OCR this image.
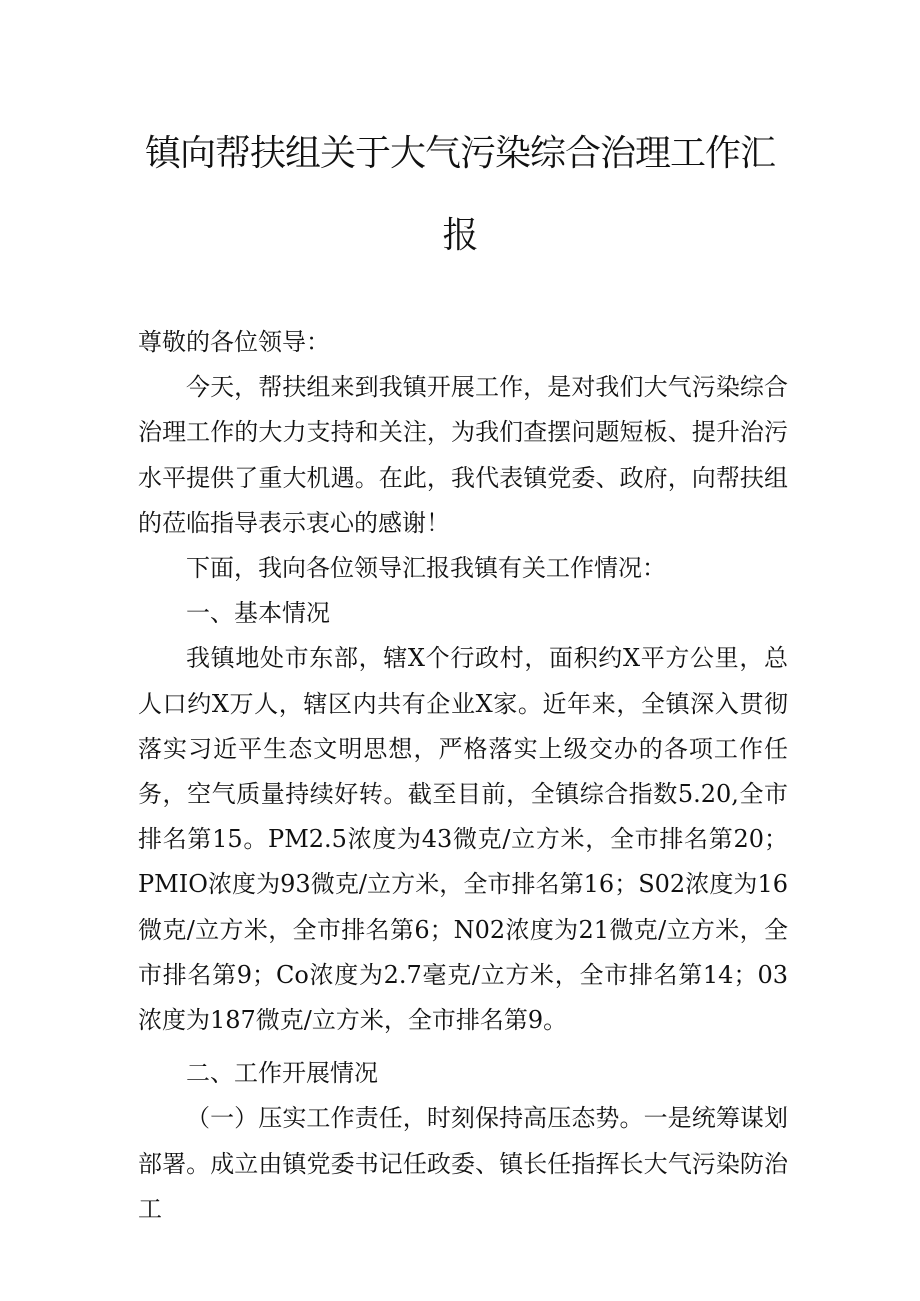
镇向帮扶组关于大气污染综合治理工作汇
报

尊敬的各位领导：

今天，帮扶组来到我镇开展工作，是对我们大气污染综合治理工作的大力支持和关注，为我们查摆问题短板、提升治污水平提供了重大机遇。在此，我代表镇党委、政府，向帮扶组的莅临指导表示衷心的感谢！

下面，我向各位领导汇报我镇有关工作情况：

一、基本情况

我镇地处市东部，辖X个行政村，面积约X平方公里，总人口约X万人，辖区内共有企业X家。近年来，全镇深入贯彻落实习近平生态文明思想，严格落实上级交办的各项工作任务，空气质量持续好转。截至目前，全镇综合指数5.20,全市排名第15。PM2.5浓度为43微克/立方米，全市排名第20；PMIO浓度为93微克/立方米，全市排名第16；S02浓度为16微克/立方米，全市排名第6；N02浓度为21微克/立方米，全市排名第9；Co浓度为2.7毫克/立方米，全市排名第14；03浓度为187微克/立方米，全市排名第9。

二、工作开展情况

（一）压实工作责任，时刻保持高压态势。一是统筹谋划部署。成立由镇党委书记任政委、镇长任指挥长大气污染防治工
